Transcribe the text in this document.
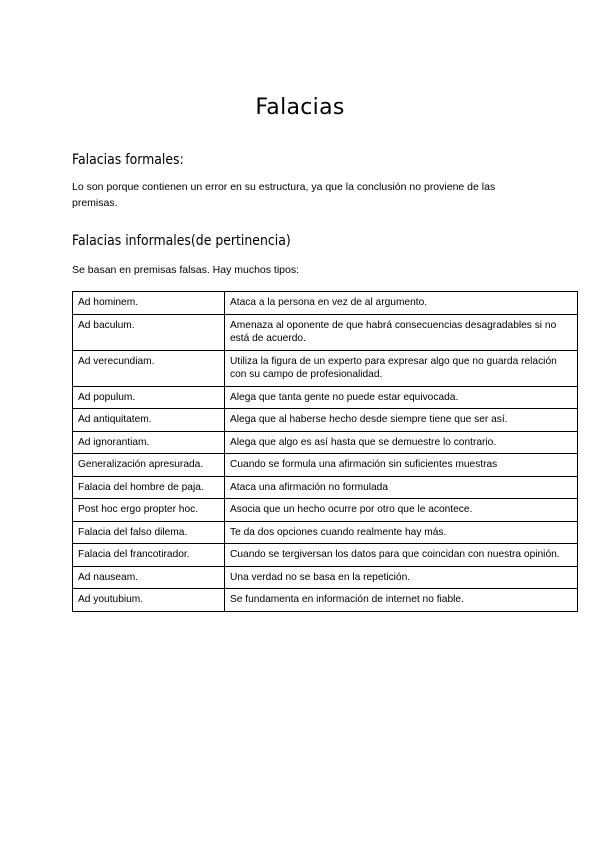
Falacias
Falacias formales:
Lo son porque contienen un error en su estructura, ya que la conclusión no proviene de las premisas.
Falacias informales(de pertinencia)
Se basan en premisas falsas. Hay muchos tipos:
Ad hominem.	Ataca a la persona en vez de al argumento.
Ad baculum.	Amenaza al oponente de que habrá consecuencias desagradables si no está de acuerdo.
Ad verecundiam.	Utiliza la figura de un experto para expresar algo que no guarda relación con su campo de profesionalidad.
Ad populum.	Alega que tanta gente no puede estar equivocada.
Ad antiquitatem.	Alega que al haberse hecho desde siempre tiene que ser así.
Ad ignorantiam.	Alega que algo es así hasta que se demuestre lo contrario.
Generalización apresurada.	Cuando se formula una afirmación sin suficientes muestras
Falacia del hombre de paja.	Ataca una afirmación no formulada
Post hoc ergo propter hoc.	Asocia que un hecho ocurre por otro que le acontece.
Falacia del falso dilema.	Te da dos opciones cuando realmente hay más.
Falacia del francotirador.	Cuando se tergiversan los datos para que coincidan con nuestra opinión.
Ad nauseam.	Una verdad no se basa en la repetición.
Ad youtubium.	Se fundamenta en información de internet no fiable.
